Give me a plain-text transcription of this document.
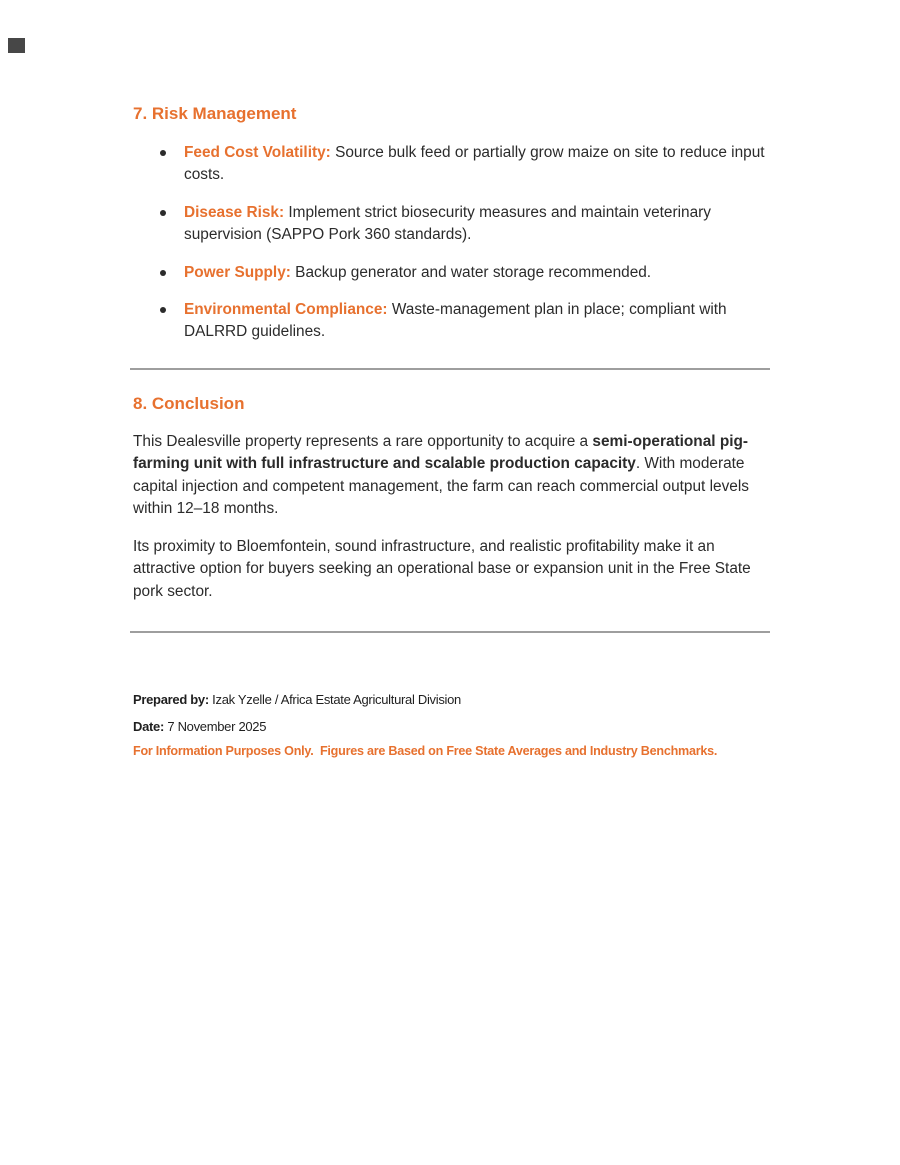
7. Risk Management
Feed Cost Volatility: Source bulk feed or partially grow maize on site to reduce input costs.
Disease Risk: Implement strict biosecurity measures and maintain veterinary supervision (SAPPO Pork 360 standards).
Power Supply: Backup generator and water storage recommended.
Environmental Compliance: Waste-management plan in place; compliant with DALRRD guidelines.
8. Conclusion

This Dealesville property represents a rare opportunity to acquire a semi-operational pig-farming unit with full infrastructure and scalable production capacity. With moderate capital injection and competent management, the farm can reach commercial output levels within 12–18 months.

Its proximity to Bloemfontein, sound infrastructure, and realistic profitability make it an attractive option for buyers seeking an operational base or expansion unit in the Free State pork sector.

Prepared by: Izak Yzelle / Africa Estate Agricultural Division
Date: 7 November 2025
For Information Purposes Only.  Figures are Based on Free State Averages and Industry Benchmarks.
